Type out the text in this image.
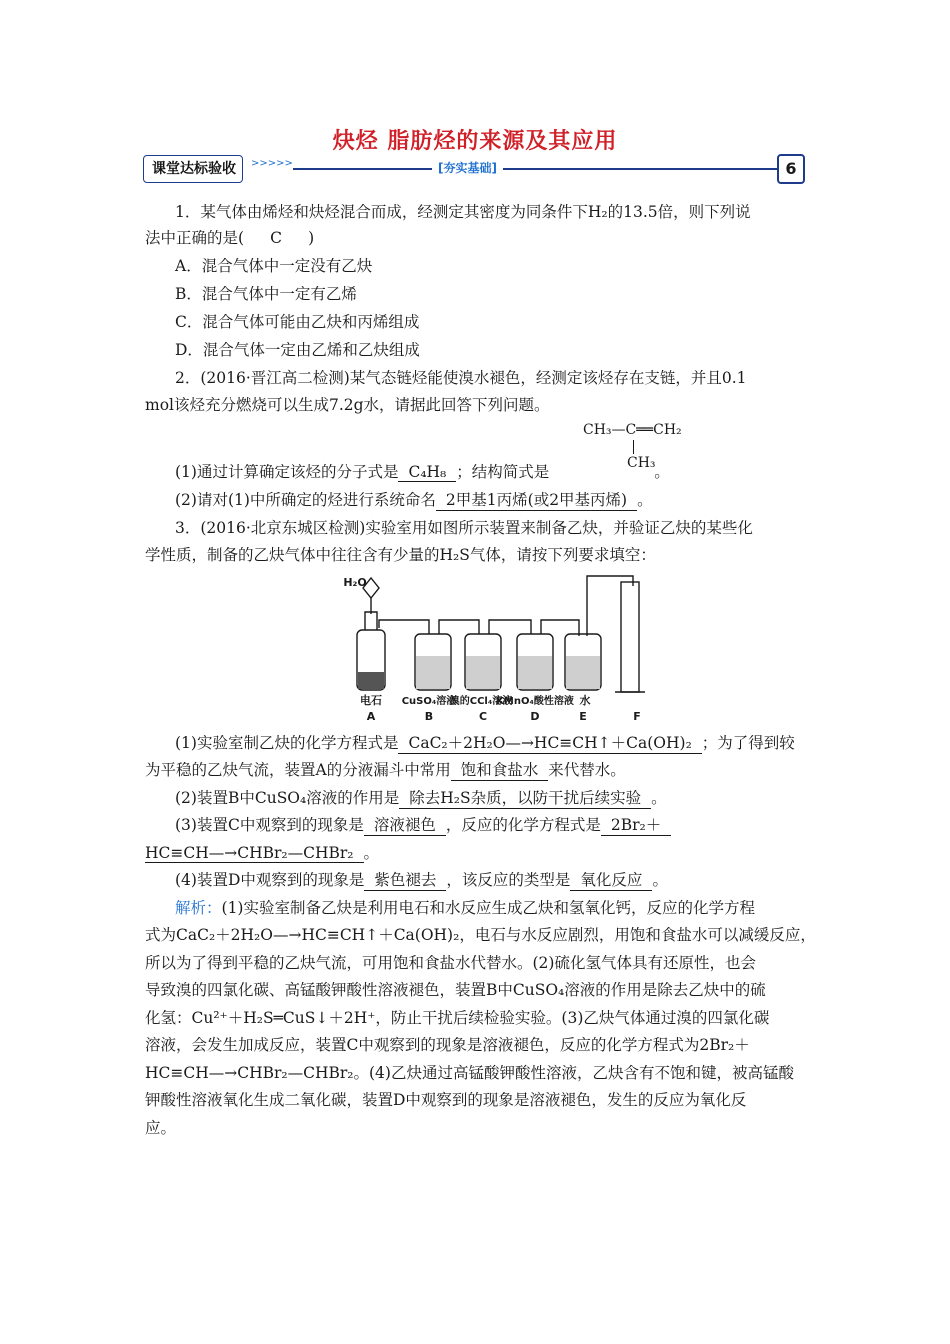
炔烃 脂肪烃的来源及其应用
课堂达标验收	>>>>>	[夯实基础]	6
1．某气体由烯烃和炔烃混合而成，经测定其密度为同条件下H₂的13.5倍，则下列说
法中正确的是( C )
A．混合气体中一定没有乙炔
B．混合气体中一定有乙烯
C．混合气体可能由乙炔和丙烯组成
D．混合气体一定由乙烯和乙炔组成
2．(2016·晋江高二检测)某气态链烃能使溴水褪色，经测定该烃存在支链，并且0.1
mol该烃充分燃烧可以生成7.2g水，请据此回答下列问题。
CH₃—C══CH₂
CH₃
(1)通过计算确定该烃的分子式是 C₄H₈ ；结构简式是	。
(2)请对(1)中所确定的烃进行系统命名 2甲基1丙烯(或2甲基丙烯) 。
3．(2016·北京东城区检测)实验室用如图所示装置来制备乙炔，并验证乙炔的某些化
学性质，制备的乙炔气体中往往含有少量的H₂S气体，请按下列要求填空：
H₂O
电石 CuSO₄溶液
溴的CCl₄溶液
KMnO₄酸性溶液 水
A	B	C	D	E	F
(1)实验室制乙炔的化学方程式是 CaC₂＋2H₂O—→HC≡CH↑＋Ca(OH)₂ ；为了得到较
为平稳的乙炔气流，装置A的分液漏斗中常用 饱和食盐水 来代替水。
(2)装置B中CuSO₄溶液的作用是 除去H₂S杂质，以防干扰后续实验 。
(3)装置C中观察到的现象是 溶液褪色 ，反应的化学方程式是 2Br₂＋
HC≡CH—→CHBr₂—CHBr₂ 。
(4)装置D中观察到的现象是 紫色褪去 ，该反应的类型是 氧化反应 。
解析：(1)实验室制备乙炔是利用电石和水反应生成乙炔和氢氧化钙，反应的化学方程
式为CaC₂＋2H₂O—→HC≡CH↑＋Ca(OH)₂，电石与水反应剧烈，用饱和食盐水可以减缓反应，
所以为了得到平稳的乙炔气流，可用饱和食盐水代替水。(2)硫化氢气体具有还原性，也会
导致溴的四氯化碳、高锰酸钾酸性溶液褪色，装置B中CuSO₄溶液的作用是除去乙炔中的硫
化氢：Cu²⁺＋H₂S═CuS↓＋2H⁺，防止干扰后续检验实验。(3)乙炔气体通过溴的四氯化碳
溶液，会发生加成反应，装置C中观察到的现象是溶液褪色，反应的化学方程式为2Br₂＋
HC≡CH—→CHBr₂—CHBr₂。(4)乙炔通过高锰酸钾酸性溶液，乙炔含有不饱和键，被高锰酸
钾酸性溶液氧化生成二氧化碳，装置D中观察到的现象是溶液褪色，发生的反应为氧化反
应。
